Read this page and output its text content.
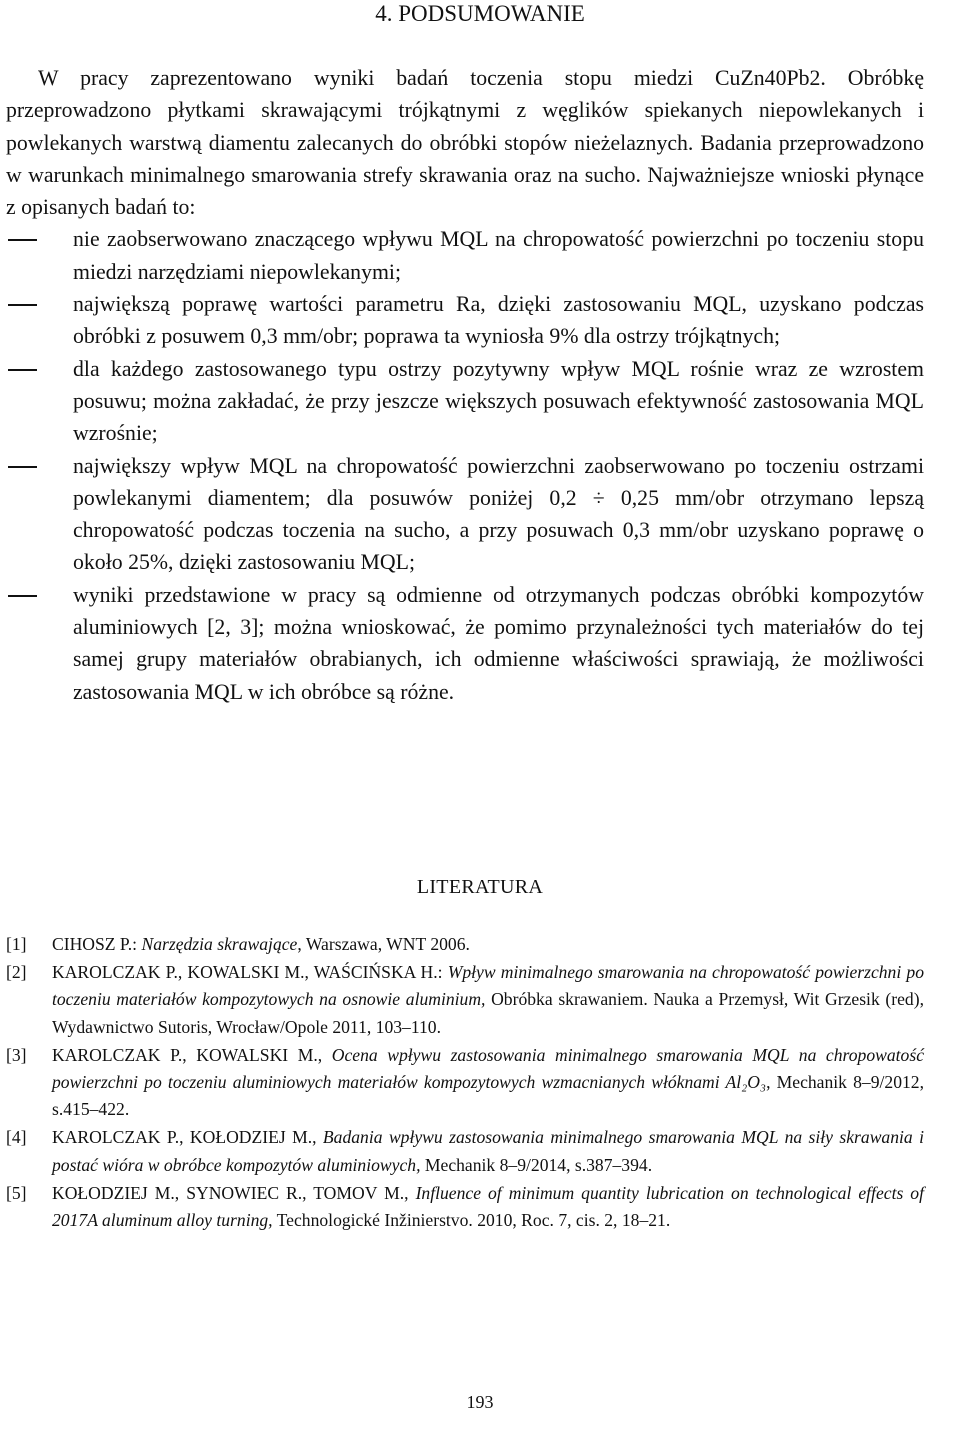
4. PODSUMOWANIE

W pracy zaprezentowano wyniki badań toczenia stopu miedzi CuZn40Pb2. Obróbkę przeprowadzono płytkami skrawającymi trójkątnymi z węglików spiekanych niepowlekanych i powlekanych warstwą diamentu zalecanych do obróbki stopów nieżelaznych. Badania przeprowadzono w warunkach minimalnego smarowania strefy skrawania oraz na sucho. Najważniejsze wnioski płynące z opisanych badań to:

nie zaobserwowano znaczącego wpływu MQL na chropowatość powierzchni po toczeniu stopu miedzi narzędziami niepowlekanymi;
największą poprawę wartości parametru Ra, dzięki zastosowaniu MQL, uzyskano podczas obróbki z posuwem 0,3 mm/obr; poprawa ta wyniosła 9% dla ostrzy trójkątnych;
dla każdego zastosowanego typu ostrzy pozytywny wpływ MQL rośnie wraz ze wzrostem posuwu; można zakładać, że przy jeszcze większych posuwach efektywność zastosowania MQL wzrośnie;
największy wpływ MQL na chropowatość powierzchni zaobserwowano po toczeniu ostrzami powlekanymi diamentem; dla posuwów poniżej 0,2 ÷ 0,25 mm/obr otrzymano lepszą chropowatość podczas toczenia na sucho, a przy posuwach 0,3 mm/obr uzyskano poprawę o około 25%, dzięki zastosowaniu MQL;
wyniki przedstawione w pracy są odmienne od otrzymanych podczas obróbki kompozytów aluminiowych [2, 3]; można wnioskować, że pomimo przynależności tych materiałów do tej samej grupy materiałów obrabianych, ich odmienne właściwości sprawiają, że możliwości zastosowania MQL w ich obróbce są różne.
LITERATURA
[1] CIHOSZ P.: Narzędzia skrawające, Warszawa, WNT 2006.
[2] KAROLCZAK P., KOWALSKI M., WAŚCIŃSKA H.: Wpływ minimalnego smarowania na chropowatość powierzchni po toczeniu materiałów kompozytowych na osnowie aluminium, Obróbka skrawaniem. Nauka a Przemysł, Wit Grzesik (red), Wydawnictwo Sutoris, Wrocław/Opole 2011, 103–110.
[3] KAROLCZAK P., KOWALSKI M., Ocena wpływu zastosowania minimalnego smarowania MQL na chropowatość powierzchni po toczeniu aluminiowych materiałów kompozytowych wzmacnianych włóknami Al₂O₃, Mechanik 8–9/2012, s.415–422.
[4] KAROLCZAK P., KOŁODZIEJ M., Badania wpływu zastosowania minimalnego smarowania MQL na siły skrawania i postać wióra w obróbce kompozytów aluminiowych, Mechanik 8–9/2014, s.387–394.
[5] KOŁODZIEJ M., SYNOWIEC R., TOMOV M., Influence of minimum quantity lubrication on technological effects of 2017A aluminum alloy turning, Technologické Inžinierstvo. 2010, Roc. 7, cis. 2, 18–21.
193
